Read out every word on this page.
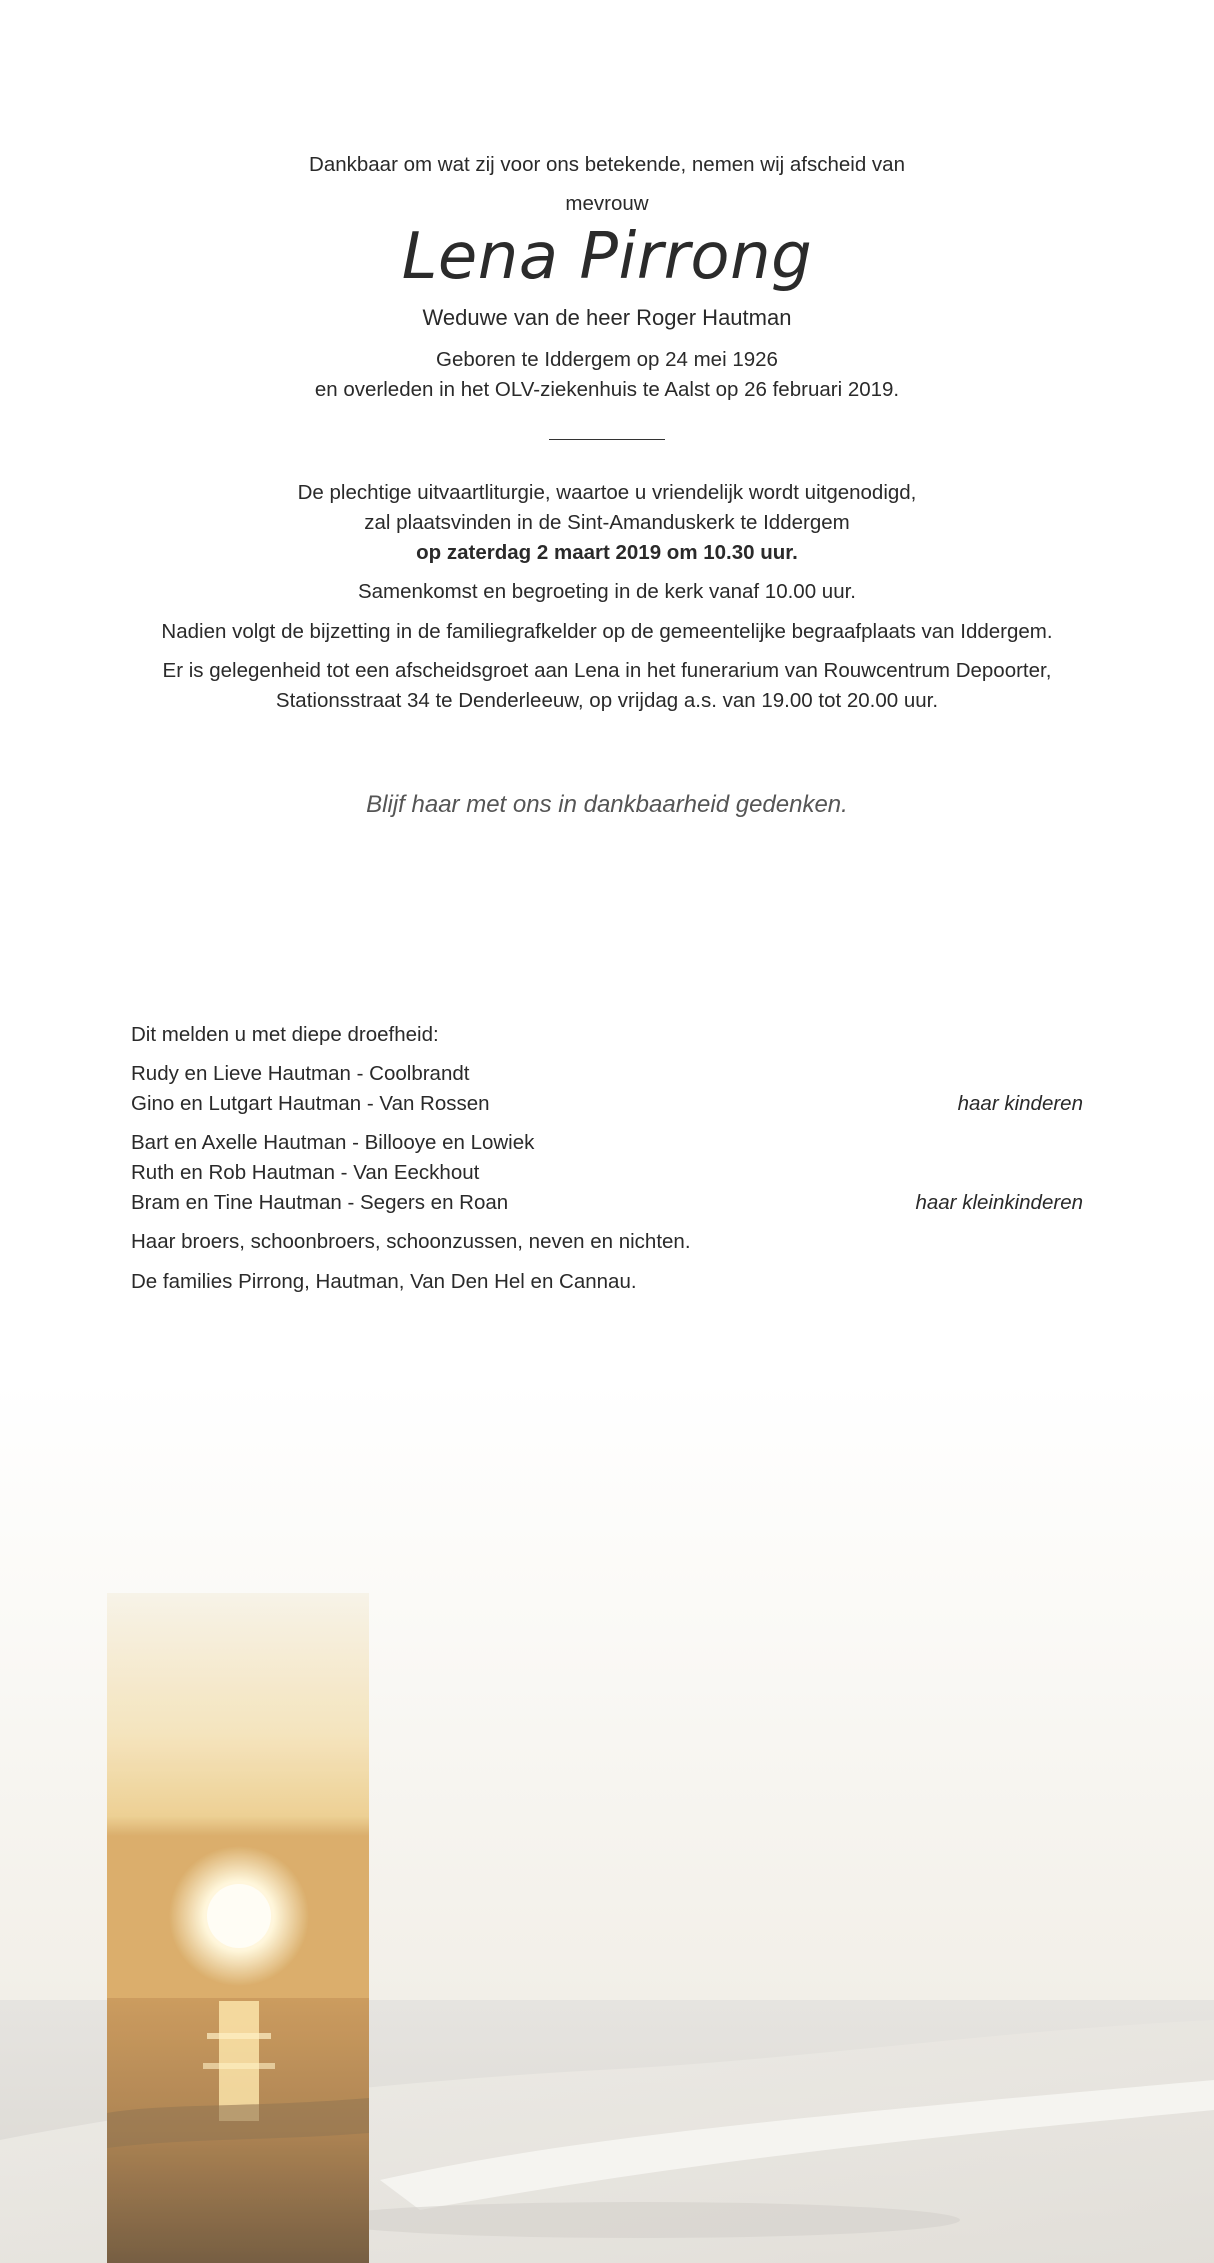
Dankbaar om wat zij voor ons betekende, nemen wij afscheid van
mevrouw
Lena Pirrong
Weduwe van de heer Roger Hautman
Geboren te Iddergem op 24 mei 1926
en overleden in het OLV-ziekenhuis te Aalst op 26 februari 2019.
De plechtige uitvaartliturgie, waartoe u vriendelijk wordt uitgenodigd,
zal plaatsvinden in de Sint-Amanduskerk te Iddergem
op zaterdag 2 maart 2019 om 10.30 uur.
Samenkomst en begroeting in de kerk vanaf 10.00 uur.
Nadien volgt de bijzetting in de familiegrafkelder op de gemeentelijke begraafplaats van Iddergem.
Er is gelegenheid tot een afscheidsgroet aan Lena in het funerarium van Rouwcentrum Depoorter,
Stationsstraat 34 te Denderleeuw, op vrijdag a.s. van 19.00 tot 20.00 uur.
Blijf haar met ons in dankbaarheid gedenken.
Dit melden u met diepe droefheid:
Rudy en Lieve Hautman - Coolbrandt
Gino en Lutgart Hautman - Van Rossen	haar kinderen
Bart en Axelle Hautman - Billooye en Lowiek
Ruth en Rob Hautman - Van Eeckhout
Bram en Tine Hautman - Segers en Roan	haar kleinkinderen
Haar broers, schoonbroers, schoonzussen, neven en nichten.
De families Pirrong, Hautman, Van Den Hel en Cannau.
